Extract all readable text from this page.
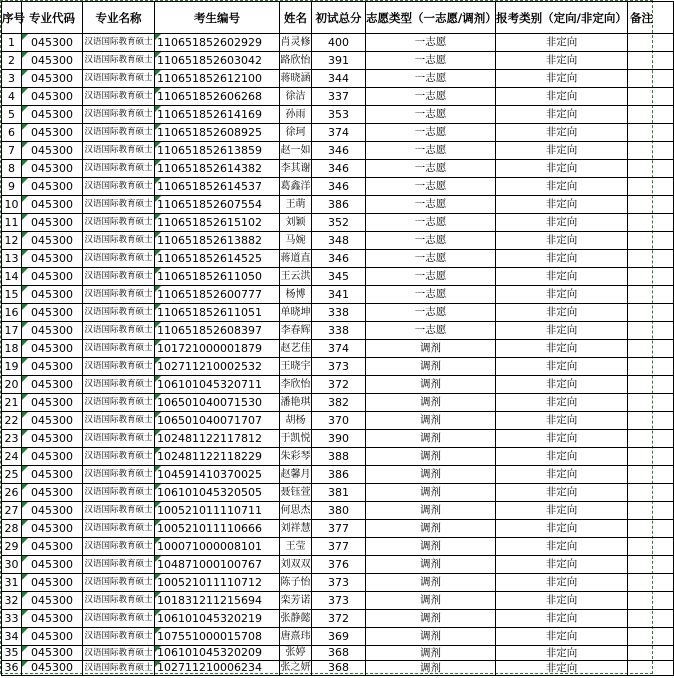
序号	专业代码	专业名称	考生编号	姓名	初试总分	志愿类型（一志愿/调剂）	报考类别（定向/非定向）	备注
1	045300	汉语国际教育硕士	110651852602929	肖灵修	400	一志愿	非定向	
2	045300	汉语国际教育硕士	110651852603042	路欣怡	391	一志愿	非定向	
3	045300	汉语国际教育硕士	110651852612100	蒋晓涵	344	一志愿	非定向	
4	045300	汉语国际教育硕士	110651852606268	徐洁	337	一志愿	非定向	
5	045300	汉语国际教育硕士	110651852614169	孙雨	353	一志愿	非定向	
6	045300	汉语国际教育硕士	110651852608925	徐珂	374	一志愿	非定向	
7	045300	汉语国际教育硕士	110651852613859	赵一如	346	一志愿	非定向	
8	045300	汉语国际教育硕士	110651852614382	李其谢	346	一志愿	非定向	
9	045300	汉语国际教育硕士	110651852614537	葛鑫洋	346	一志愿	非定向	
10	045300	汉语国际教育硕士	110651852607554	王萌	386	一志愿	非定向	
11	045300	汉语国际教育硕士	110651852615102	刘颖	352	一志愿	非定向	
12	045300	汉语国际教育硕士	110651852613882	马婉	348	一志愿	非定向	
13	045300	汉语国际教育硕士	110651852614525	蒋道直	346	一志愿	非定向	
14	045300	汉语国际教育硕士	110651852611050	王云洪	345	一志愿	非定向	
15	045300	汉语国际教育硕士	110651852600777	杨博	341	一志愿	非定向	
16	045300	汉语国际教育硕士	110651852611051	单晓坤	338	一志愿	非定向	
17	045300	汉语国际教育硕士	110651852608397	李春辉	338	一志愿	非定向	
18	045300	汉语国际教育硕士	101721000001879	赵艺佳	374	调剂	非定向	
19	045300	汉语国际教育硕士	102711210002532	王晓宇	373	调剂	非定向	
20	045300	汉语国际教育硕士	106101045320711	李欣怡	372	调剂	非定向	
21	045300	汉语国际教育硕士	106501040071530	潘艳琪	382	调剂	非定向	
22	045300	汉语国际教育硕士	106501040071707	胡杨	370	调剂	非定向	
23	045300	汉语国际教育硕士	102481122117812	于凯悦	390	调剂	非定向	
24	045300	汉语国际教育硕士	102481122118229	朱彩琴	388	调剂	非定向	
25	045300	汉语国际教育硕士	104591410370025	赵馨月	386	调剂	非定向	
26	045300	汉语国际教育硕士	106101045320505	聂钰萱	381	调剂	非定向	
27	045300	汉语国际教育硕士	100521011110711	何思杰	380	调剂	非定向	
28	045300	汉语国际教育硕士	100521011110666	刘祥慧	377	调剂	非定向	
29	045300	汉语国际教育硕士	100071000008101	王莹	377	调剂	非定向	
30	045300	汉语国际教育硕士	104871000100767	刘双双	376	调剂	非定向	
31	045300	汉语国际教育硕士	100521011110712	陈子怡	373	调剂	非定向	
32	045300	汉语国际教育硕士	101831211215694	栾芳诺	373	调剂	非定向	
33	045300	汉语国际教育硕士	106101045320219	张静懿	372	调剂	非定向	
34	045300	汉语国际教育硕士	107551000015708	唐熹玮	369	调剂	非定向	
35	045300	汉语国际教育硕士	106101045320209	张婷	368	调剂	非定向	
36	045300	汉语国际教育硕士	102711210006234	张之妍	368	调剂	非定向	
